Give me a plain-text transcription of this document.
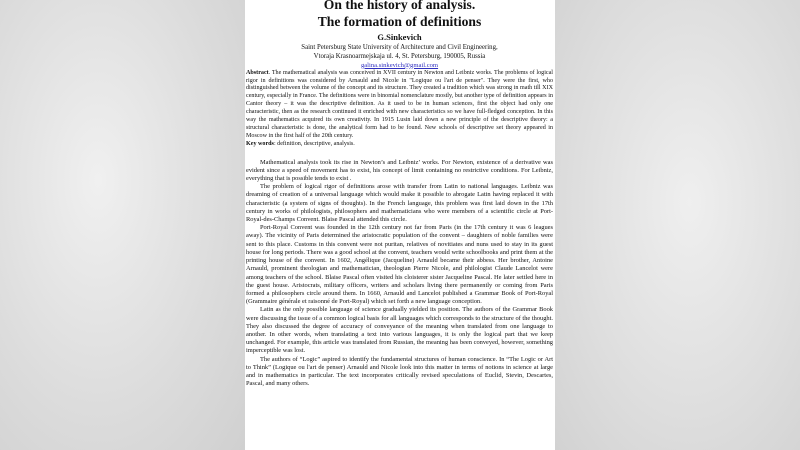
On the history of analysis.
The formation of definitions
G.Sinkevich
Saint Petersburg State University of Architecture and Civil Engineering,
Vtoraja Krasnoarmejskaja ul. 4, St. Petersburg, 190005, Russia
galina.sinkevich@gmail.com
Abstract. The mathematical analysis was conceived in XVII century in Newton and Leibniz works. The problems of logical rigor in definitions was considered by Arnauld and Nicole in "Logique ou l'art de penser". They were the first, who distinguished between the volume of the concept and its structure. They created a tradition which was strong in math till XIX century, especially in France. The definitions were in binomial nomenclature mostly, but another type of definition appears in Cantor theory – it was the descriptive definition. As it used to be in human sciences, first the object had only one characteristic, then as the research continued it enriched with new characteristics so we have full-fledged conception. In this way the mathematics acquired its own creativity. In 1915 Lusin laid down a new principle of the descriptive theory: a structural characteristic is done, the analytical form had to be found. New schools of descriptive set theory appeared in Moscow in the first half of the 20th century.
Key words: definition, descriptive, analysis.

Mathematical analysis took its rise in Newton’s and Leibniz’ works. For Newton, existence of a derivative was evident since a speed of movement has to exist, his concept of limit containing no restrictive conditions. For Leibniz, everything that is possible tends to exist .

The problem of logical rigor of definitions arose with transfer from Latin to national languages. Leibniz was dreaming of creation of a universal language which would make it possible to abrogate Latin having replaced it with characteristic (a system of signs of thoughts). In the French language, this problem was first laid down in the 17th century in works of philologists, philosophers and mathematicians who were members of a scientific circle at Port-Royal-des-Champs Convent. Blaise Pascal attended this circle.

Port-Royal Convent was founded in the 12th century not far from Paris (in the 17th century it was 6 leagues away). The vicinity of Paris determined the aristocratic population of the convent – daughters of noble families were sent to this place. Customs in this convent were not puritan, relatives of novitiates and nuns used to stay in its guest house for long periods. There was a good school at the convent, teachers would write schoolbooks and print them at the printing house of the convent. In 1602, Angélique (Jacqueline) Arnauld became their abbess. Her brother, Antoine Arnauld, prominent theologian and mathematician, theologian Pierre Nicole, and philologist Claude Lancelot were among teachers of the school. Blaise Pascal often visited his cloisterer sister Jacqueline Pascal. He later settled here in the guest house. Aristocrats, military officers, writers and scholars living there permanently or coming from Paris formed a philosophers circle around them. In 1660, Arnauld and Lancelot published a Grammar Book of Port-Royal (Grammaire générale et raisonné de Port-Royal) which set forth a new language conception.

Latin as the only possible language of science gradually yielded its position. The authors of the Grammar Book were discussing the issue of a common logical basis for all languages which corresponds to the structure of the thought. They also discussed the degree of accuracy of conveyance of the meaning when translated from one language to another. In other words, when translating a text into various languages, it is only the logical part that we keep unchanged. For example, this article was translated from Russian, the meaning has been conveyed, however, something imperceptible was lost.

The authors of “Logic” aspired to identify the fundamental structures of human conscience. In “The Logic or Art to Think” (Logique ou l'art de penser) Arnauld and Nicole look into this matter in terms of notions in science at large and in mathematics in particular. The text incorporates critically revised speculations of Euclid, Stevin, Descartes, Pascal, and many others.
